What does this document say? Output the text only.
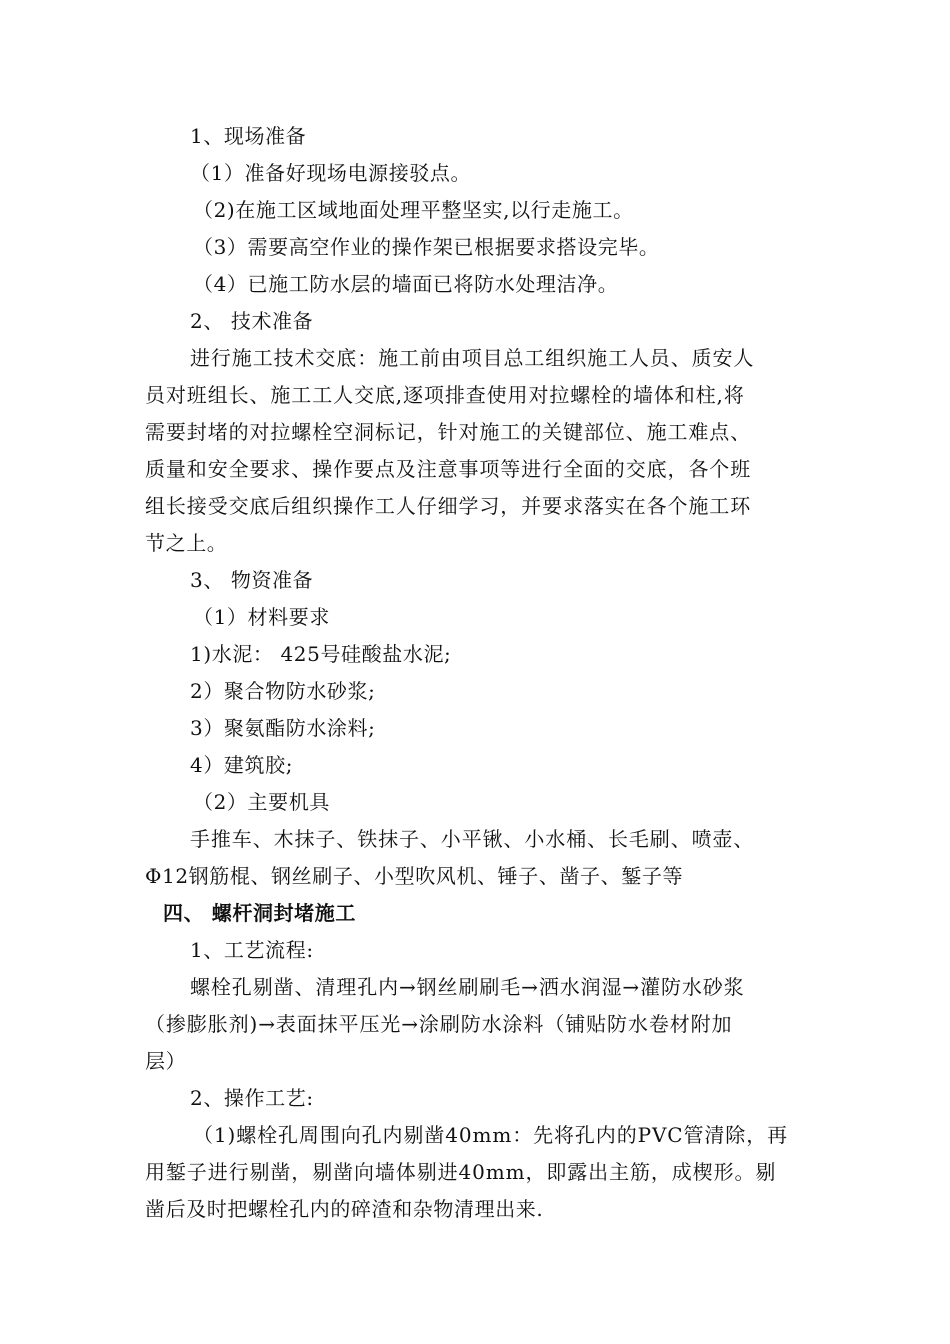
1、现场准备
（1）准备好现场电源接驳点。
（2)在施工区域地面处理平整坚实,以行走施工。
（3）需要高空作业的操作架已根据要求搭设完毕。
（4）已施工防水层的墙面已将防水处理洁净。
2、 技术准备
进行施工技术交底：施工前由项目总工组织施工人员、质安人
员对班组长、施工工人交底,逐项排查使用对拉螺栓的墙体和柱,将
需要封堵的对拉螺栓空洞标记，针对施工的关键部位、施工难点、
质量和安全要求、操作要点及注意事项等进行全面的交底，各个班
组长接受交底后组织操作工人仔细学习，并要求落实在各个施工环
节之上。
3、 物资准备
（1）材料要求
1)水泥： 425号硅酸盐水泥;
2）聚合物防水砂浆;
3）聚氨酯防水涂料;
4）建筑胶;
（2）主要机具
手推车、木抹子、铁抹子、小平锹、小水桶、长毛刷、喷壶、
Φ12钢筋棍、钢丝刷子、小型吹风机、锤子、凿子、錾子等
四、 螺杆洞封堵施工
1、工艺流程:
螺栓孔剔凿、清理孔内→钢丝刷刷毛→洒水润湿→灌防水砂浆
（掺膨胀剂)→表面抹平压光→涂刷防水涂料（铺贴防水卷材附加
层）
2、操作工艺:
（1)螺栓孔周围向孔内剔凿40mm：先将孔内的PVC管清除，再
用錾子进行剔凿，剔凿向墙体剔进40mm，即露出主筋，成楔形。剔
凿后及时把螺栓孔内的碎渣和杂物清理出来.
